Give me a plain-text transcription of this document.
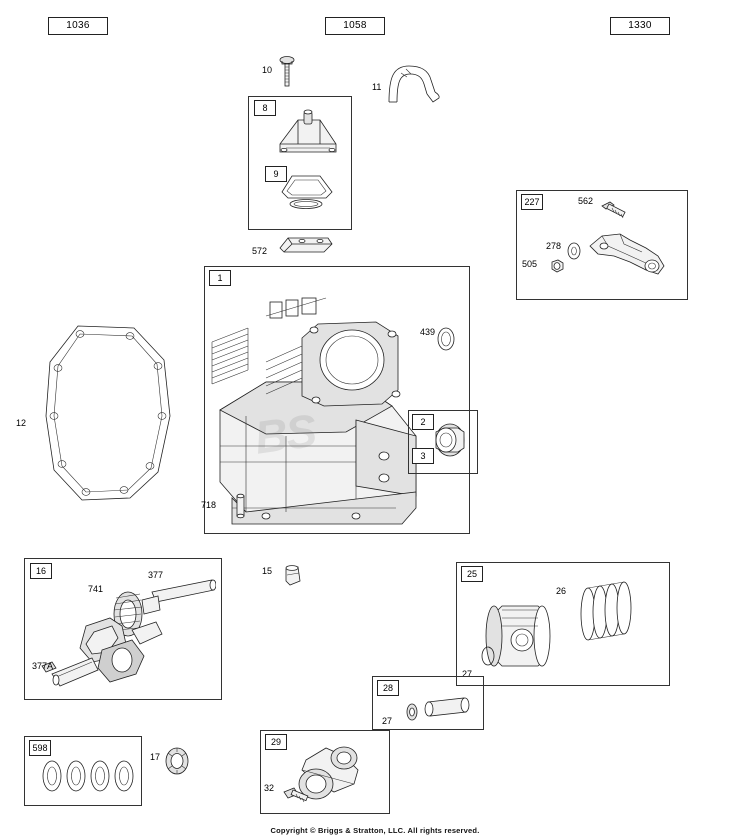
1036	1058	1330
10
11
8
9
572
227	562
278
505
1
439
2
3
12
718
16
741
377
377A
15	25
26
27
28
27
29
32
598
17
Copyright © Briggs & Stratton, LLC. All rights reserved.
